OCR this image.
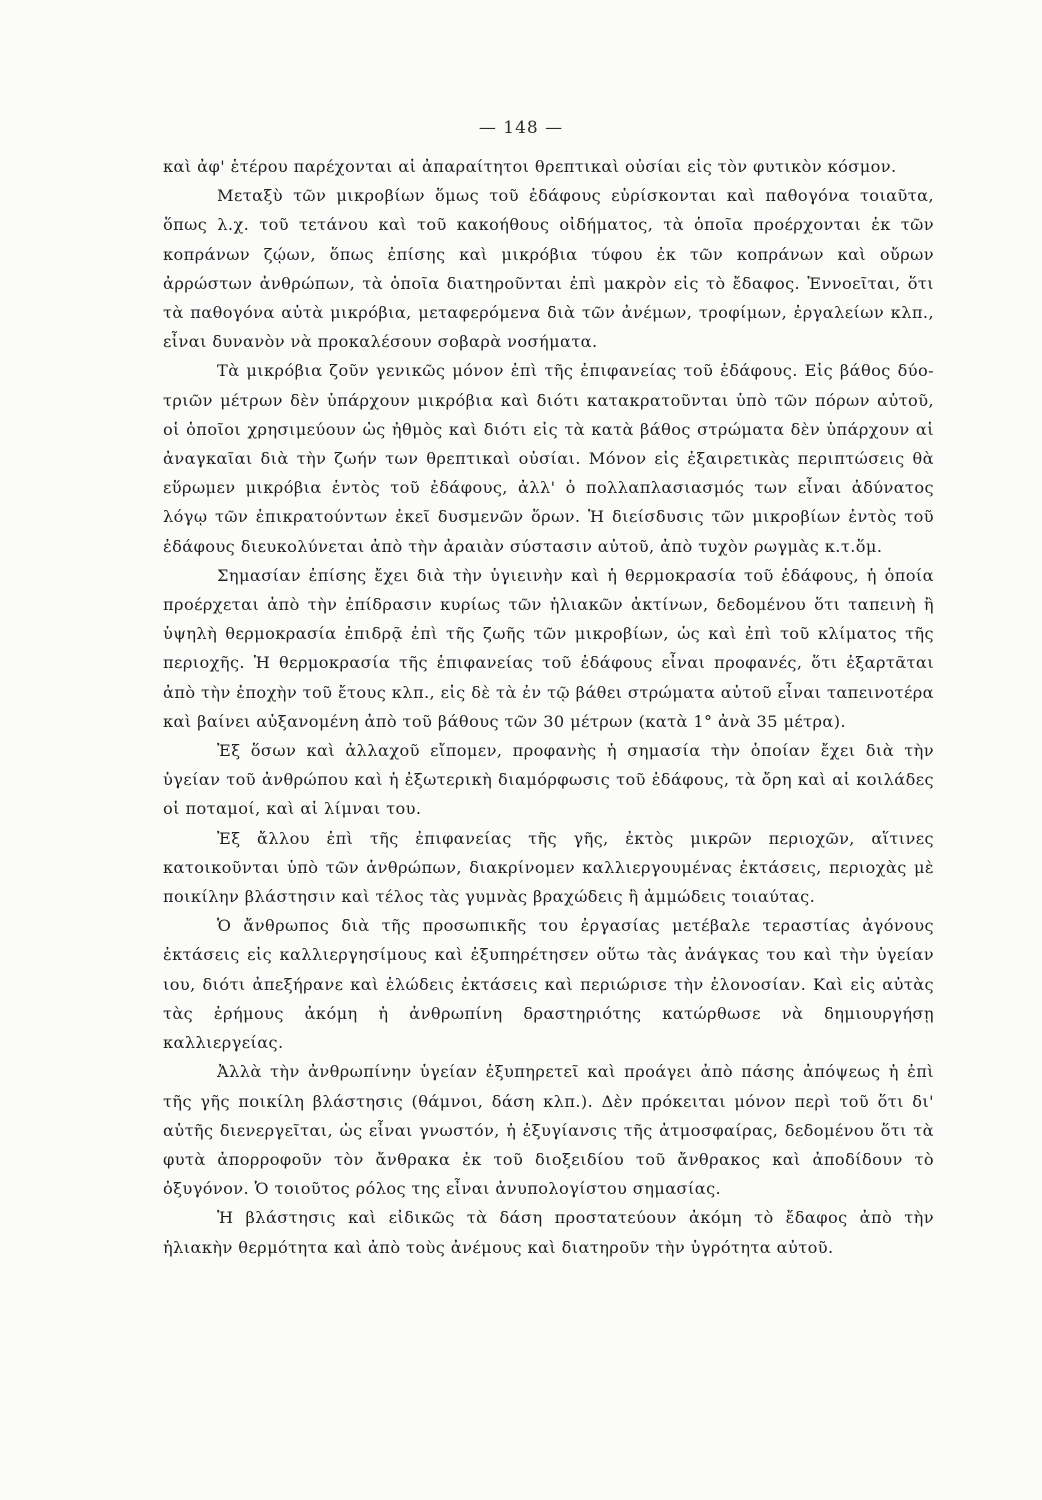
— 148 —

καὶ ἀφ' ἑτέρου παρέχονται αἱ ἀπαραίτητοι θρεπτικαὶ οὐσίαι εἰς τὸν φυτικὸν κόσμον.

Μεταξὺ τῶν μικροβίων ὅμως τοῦ ἐδάφους εὑρίσκονται καὶ παθογόνα τοιαῦτα, ὅπως λ.χ. τοῦ τετάνου καὶ τοῦ κακοήθους οἰδήματος, τὰ ὁποῖα προέρχονται ἐκ τῶν κοπράνων ζῴων, ὅπως ἐπίσης καὶ μικρόβια τύφου ἐκ τῶν κοπράνων καὶ οὔρων ἀρρώστων ἀνθρώπων, τὰ ὁποῖα διατηροῦνται ἐπὶ μακρὸν εἰς τὸ ἔδαφος. Ἐννοεῖται, ὅτι τὰ παθογόνα αὐτὰ μικρόβια, μεταφερόμενα διὰ τῶν ἀνέμων, τροφίμων, ἐργαλείων κλπ., εἶναι δυνανὸν νὰ προκαλέσουν σοβαρὰ νοσήματα.

Τὰ μικρόβια ζοῦν γενικῶς μόνον ἐπὶ τῆς ἐπιφανείας τοῦ ἐδάφους. Εἰς βάθος δύο-τριῶν μέτρων δὲν ὑπάρχουν μικρόβια καὶ διότι κατακρατοῦνται ὑπὸ τῶν πόρων αὐτοῦ, οἱ ὁποῖοι χρησιμεύουν ὡς ἠθμὸς καὶ διότι εἰς τὰ κατὰ βάθος στρώματα δὲν ὑπάρχουν αἱ ἀναγκαῖαι διὰ τὴν ζωήν των θρεπτικαὶ οὐσίαι. Μόνον εἰς ἐξαιρετικὰς περιπτώσεις θὰ εὕρωμεν μικρόβια ἐντὸς τοῦ ἐδάφους, ἀλλ' ὁ πολλαπλασιασμός των εἶναι ἀδύνατος λόγῳ τῶν ἐπικρατούντων ἐκεῖ δυσμενῶν ὅρων. Ἡ διείσδυσις τῶν μικροβίων ἐντὸς τοῦ ἐδάφους διευκολύνεται ἀπὸ τὴν ἀραιὰν σύστασιν αὐτοῦ, ἀπὸ τυχὸν ρωγμὰς κ.τ.ὅμ.

Σημασίαν ἐπίσης ἔχει διὰ τὴν ὑγιεινὴν καὶ ἡ θερμοκρασία τοῦ ἐδάφους, ἡ ὁποία προέρχεται ἀπὸ τὴν ἐπίδρασιν κυρίως τῶν ἡλιακῶν ἀκτίνων, δεδομένου ὅτι ταπεινὴ ἢ ὑψηλὴ θερμοκρασία ἐπιδρᾷ ἐπὶ τῆς ζωῆς τῶν μικροβίων, ὡς καὶ ἐπὶ τοῦ κλίματος τῆς περιοχῆς. Ἡ θερμοκρασία τῆς ἐπιφανείας τοῦ ἐδάφους εἶναι προφανές, ὅτι ἐξαρτᾶται ἀπὸ τὴν ἐποχὴν τοῦ ἔτους κλπ., εἰς δὲ τὰ ἐν τῷ βάθει στρώματα αὐτοῦ εἶναι ταπεινοτέρα καὶ βαίνει αὐξανομένη ἀπὸ τοῦ βάθους τῶν 30 μέτρων (κατὰ 1° ἀνὰ 35 μέτρα).

Ἐξ ὅσων καὶ ἀλλαχοῦ εἴπομεν, προφανὴς ἡ σημασία τὴν ὁποίαν ἔχει διὰ τὴν ὑγείαν τοῦ ἀνθρώπου καὶ ἡ ἐξωτερικὴ διαμόρφωσις τοῦ ἐδάφους, τὰ ὄρη καὶ αἱ κοιλάδες οἱ ποταμοί, καὶ αἱ λίμναι του.

Ἐξ ἄλλου ἐπὶ τῆς ἐπιφανείας τῆς γῆς, ἐκτὸς μικρῶν περιοχῶν, αἵτινες κατοικοῦνται ὑπὸ τῶν ἀνθρώπων, διακρίνομεν καλλιεργουμένας ἐκτάσεις, περιοχὰς μὲ ποικίλην βλάστησιν καὶ τέλος τὰς γυμνὰς βραχώδεις ἢ ἀμμώδεις τοιαύτας.

Ὁ ἄνθρωπος διὰ τῆς προσωπικῆς του ἐργασίας μετέβαλε τεραστίας ἀγόνους ἐκτάσεις εἰς καλλιεργησίμους καὶ ἐξυπηρέτησεν οὕτω τὰς ἀνάγκας του καὶ τὴν ὑγείαν ιου, διότι ἀπεξήρανε καὶ ἑλώδεις ἐκτάσεις καὶ περιώρισε τὴν ἑλονοσίαν. Καὶ εἰς αὐτὰς τὰς ἐρήμους ἀκόμη ἡ ἀνθρωπίνη δραστηριότης κατώρθωσε νὰ δημιουργήσῃ καλλιεργείας.

Ἀλλὰ τὴν ἀνθρωπίνην ὑγείαν ἐξυπηρετεῖ καὶ προάγει ἀπὸ πάσης ἀπόψεως ἡ ἐπὶ τῆς γῆς ποικίλη βλάστησις (θάμνοι, δάση κλπ.). Δὲν πρόκειται μόνον περὶ τοῦ ὅτι δι' αὐτῆς διενεργεῖται, ὡς εἶναι γνωστόν, ἡ ἐξυγίανσις τῆς ἀτμοσφαίρας, δεδομένου ὅτι τὰ φυτὰ ἀπορροφοῦν τὸν ἄνθρακα ἐκ τοῦ διοξειδίου τοῦ ἄνθρακος καὶ ἀποδίδουν τὸ ὀξυγόνον. Ὁ τοιοῦτος ρόλος της εἶναι ἀνυπολογίστου σημασίας.

Ἡ βλάστησις καὶ εἰδικῶς τὰ δάση προστατεύουν ἀκόμη τὸ ἔδαφος ἀπὸ τὴν ἡλιακὴν θερμότητα καὶ ἀπὸ τοὺς ἀνέμους καὶ διατηροῦν τὴν ὑγρότητα αὐτοῦ.
